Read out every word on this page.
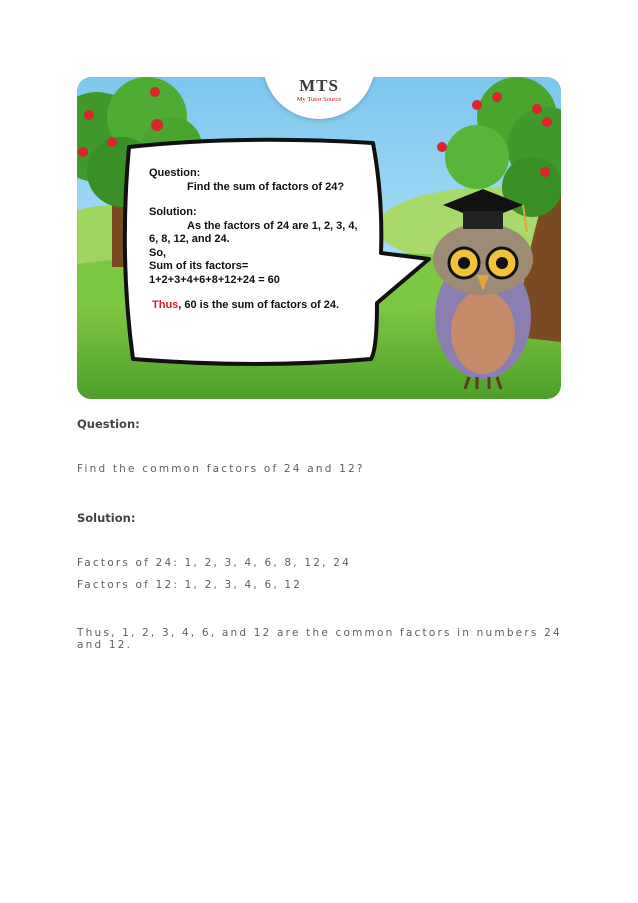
MTS
My Tutor Source
Question:
Find the sum of factors of 24?
Solution:
As the factors of 24 are 1, 2, 3, 4,
6, 8, 12, and 24.
So,
Sum of its factors=
1+2+3+4+6+8+12+24 = 60
Thus, 60 is the sum of factors of 24.
Question:
Find the common factors of 24 and 12?
Solution:
Factors of 24: 1, 2, 3, 4, 6, 8, 12, 24
Factors of 12: 1, 2, 3, 4, 6, 12
Thus, 1, 2, 3, 4, 6, and 12 are the common factors in numbers 24 and 12.
